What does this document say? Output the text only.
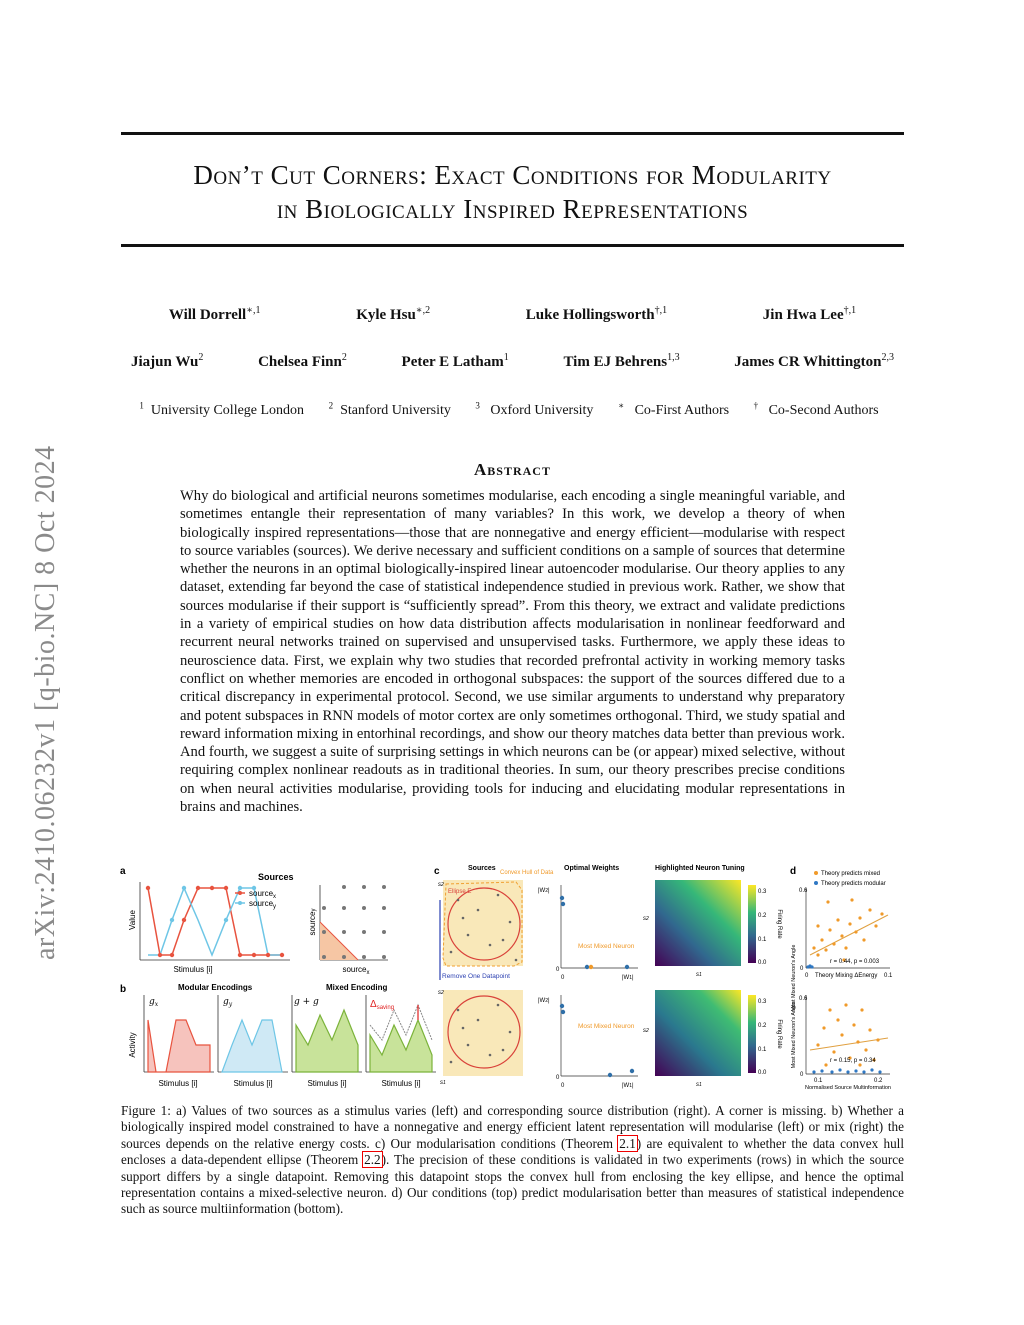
arXiv:2410.06232v1 [q-bio.NC] 8 Oct 2024
Don’t Cut Corners: Exact Conditions for Modularity
in Biologically Inspired Representations
Will Dorrell$^{∗,1}$	Kyle Hsu$^{∗,2}$	Luke Hollingsworth$^{\dagger,1}$	Jin Hwa Lee$^{\dagger,1}$
Jiajun Wu$^2$	Chelsea Finn$^2$	Peter E Latham$^1$	Tim EJ Behrens$^{1,3}$	James CR Whittington$^{2,3}$
$^1$ University College London	$^2$ Stanford University	$^3$ Oxford University	∗ Co-First Authors	† Co-Second Authors
Abstract
Why do biological and artificial neurons sometimes modularise, each encoding a single meaningful variable, and sometimes entangle their representation of many variables? In this work, we develop a theory of when biologically inspired representations—those that are nonnegative and energy efficient—modularise with respect to source variables (sources). We derive necessary and sufficient conditions on a sample of sources that determine whether the neurons in an optimal biologically-inspired linear autoencoder modularise. Our theory applies to any dataset, extending far beyond the case of statistical independence studied in previous work. Rather, we show that sources modularise if their support is “sufficiently spread”. From this theory, we extract and validate predictions in a variety of empirical studies on how data distribution affects modularisation in nonlinear feedforward and recurrent neural networks trained on supervised and unsupervised tasks. Furthermore, we apply these ideas to neuroscience data. First, we explain why two studies that recorded prefrontal activity in working memory tasks conflict on whether memories are encoded in orthogonal subspaces: the support of the sources differed due to a critical discrepancy in experimental protocol. Second, we use similar arguments to understand why preparatory and potent subspaces in RNN models of motor cortex are only sometimes orthogonal. Third, we study spatial and reward information mixing in entorhinal recordings, and show our theory matches data better than previous work. And fourth, we suggest a suite of surprising settings in which neurons can be (or appear) mixed selective, without requiring complex nonlinear readouts as in traditional theories. In sum, our theory prescribes precise conditions on when neural activities modularise, providing tools for inducing and elucidating modular representations in brains and machines.
a	Sources
Value
source$_x$
source$_y$
Stimulus [i]
sourcey
source$_x$
b	Modular Encodings	Mixed Encoding
Activity
$g_x$
Stimulus [i]
$g_y$
Stimulus [i]
g + g
Stimulus [i]
$\Delta_{saving}$
Stimulus [i]
c	Sources	Optimal Weights	Highlighted Neuron Tuning
s2
Ellipse E
Convex Hull of Data
Remove One Datapoint
s2
s1
Most Mixed Neuron
|W2|
0
0	|W1|
Most Mixed Neuron
|W2|
0
0	|W1|
s2
s1
s2
s1
0.3
0.2
0.1
0.0
Firing Rate
0.3
0.2
0.1
0.0
Firing Rate
d	Theory predicts mixed
Theory predicts modular
r = 0.44, p = 0.003
0.6
0
0	0.1
Theory Mixing ΔEnergy
Most Mixed Neuron's Angle
r = 0.15, p = 0.34
0.6
0
0.1	0.2
Normalised Source Multinformation
Most Mixed Neuron's Angle
Figure 1: a) Values of two sources as a stimulus varies (left) and corresponding source distribution (right). A corner is missing. b) Whether a biologically inspired model constrained to have a nonnegative and energy efficient latent representation will modularise (left) or mix (right) the sources depends on the relative energy costs. c) Our modularisation conditions (Theorem 2.1) are equivalent to whether the data convex hull encloses a data-dependent ellipse (Theorem 2.2). The precision of these conditions is validated in two experiments (rows) in which the source support differs by a single datapoint. Removing this datapoint stops the convex hull from enclosing the key ellipse, and hence the optimal representation contains a mixed-selective neuron. d) Our conditions (top) predict modularisation better than measures of statistical independence such as source multiinformation (bottom).
